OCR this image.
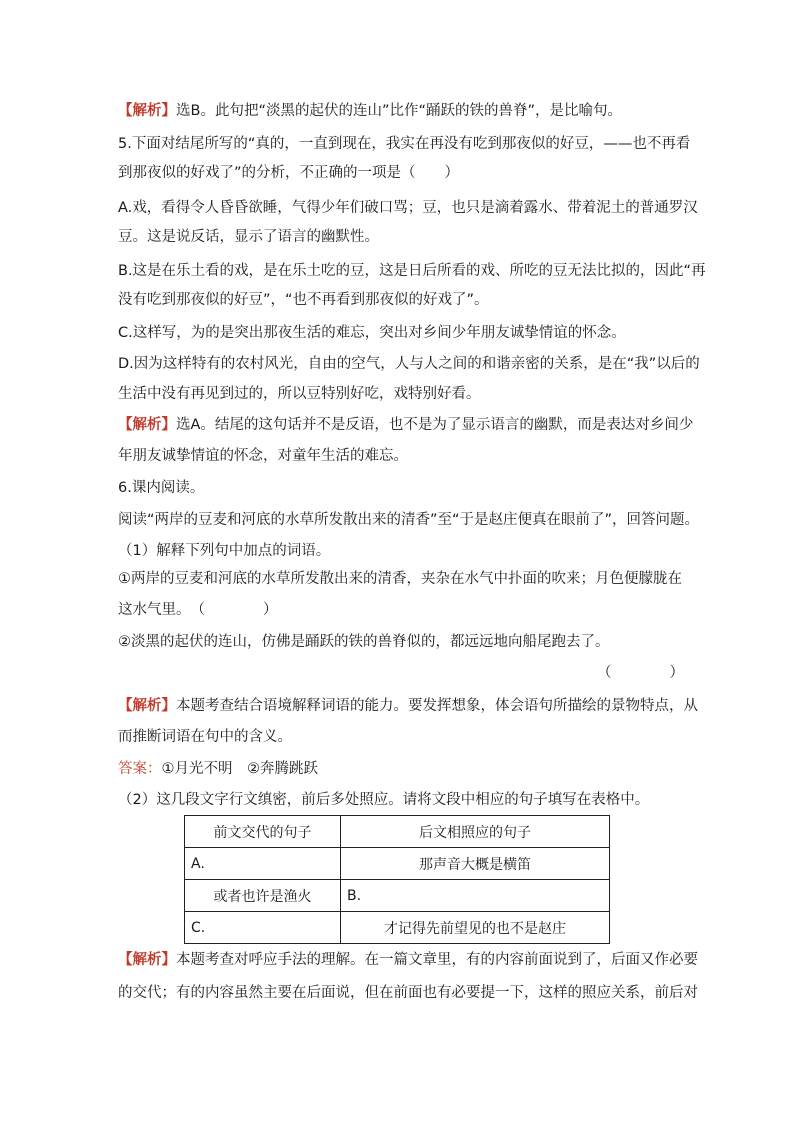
【解析】选B。此句把“淡黑的起伏的连山”比作“踊跃的铁的兽脊”，是比喻句。
5.下面对结尾所写的“真的，一直到现在，我实在再没有吃到那夜似的好豆，——也不再看
到那夜似的好戏了”的分析，不正确的一项是（　　）
A.戏，看得令人昏昏欲睡，气得少年们破口骂；豆，也只是滴着露水、带着泥土的普通罗汉
豆。这是说反话，显示了语言的幽默性。
B.这是在乐土看的戏，是在乐土吃的豆，这是日后所看的戏、所吃的豆无法比拟的，因此“再
没有吃到那夜似的好豆”，“也不再看到那夜似的好戏了”。
C.这样写，为的是突出那夜生活的难忘，突出对乡间少年朋友诚挚情谊的怀念。
D.因为这样特有的农村风光，自由的空气，人与人之间的和谐亲密的关系，是在“我”以后的
生活中没有再见到过的，所以豆特别好吃，戏特别好看。
【解析】选A。结尾的这句话并不是反语，也不是为了显示语言的幽默，而是表达对乡间少
年朋友诚挚情谊的怀念，对童年生活的难忘。
6.课内阅读。
阅读“两岸的豆麦和河底的水草所发散出来的清香”至“于是赵庄便真在眼前了”，回答问题。
（1）解释下列句中加点的词语。
①两岸的豆麦和河底的水草所发散出来的清香，夹杂在水气中扑面的吹来；月色便朦胧在
这水气里。　（　　　　）
②淡黑的起伏的连山，仿佛是踊跃的铁的兽脊似的，都远远地向船尾跑去了。
（　　　　）
【解析】本题考查结合语境解释词语的能力。要发挥想象，体会语句所描绘的景物特点，从
而推断词语在句中的含义。
答案：①月光不明　②奔腾跳跃
（2）这几段文字行文缜密，前后多处照应。请将文段中相应的句子填写在表格中。
前文交代的句子	后文相照应的句子
A.	那声音大概是横笛
或者也许是渔火	B.
C.	才记得先前望见的也不是赵庄
【解析】本题考查对呼应手法的理解。在一篇文章里，有的内容前面说到了，后面又作必要
的交代；有的内容虽然主要在后面说，但在前面也有必要提一下，这样的照应关系，前后对
